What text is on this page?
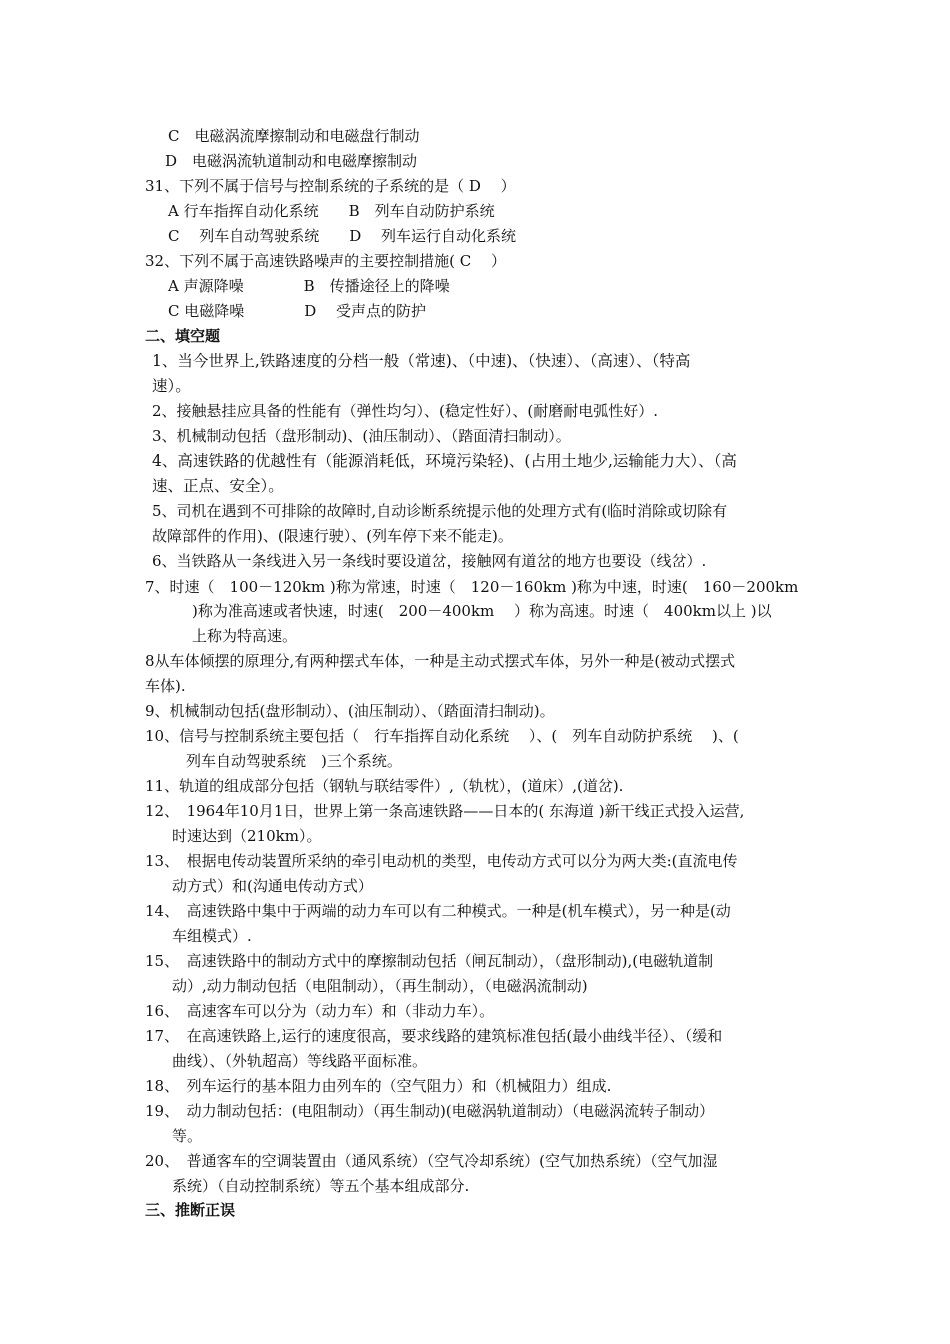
C　电磁涡流摩擦制动和电磁盘行制动
D　电磁涡流轨道制动和电磁摩擦制动
31、下列不属于信号与控制系统的子系统的是（ D　 ）
A 行车指挥自动化系统　　B　列车自动防护系统
C　 列车自动驾驶系统　　D　 列车运行自动化系统
32、下列不属于高速铁路噪声的主要控制措施( C　 ）
A 声源降噪　　　　B　传播途径上的降噪
C 电磁降噪　　　　D　 受声点的防护
二、填空题
1、当今世界上,铁路速度的分档一般（常速)、（中速)、（快速）、（高速）、（特高
速）。
2、接触悬挂应具备的性能有（弹性均匀）、(稳定性好）、(耐磨耐电弧性好）.
3、机械制动包括（盘形制动)、(油压制动）、（踏面清扫制动）。
4、高速铁路的优越性有（能源消耗低，环境污染轻)、(占用土地少,运输能力大）、（高
速、正点、安全）。
5、司机在遇到不可排除的故障时,自动诊断系统提示他的处理方式有(临时消除或切除有
故障部件的作用)、(限速行驶）、(列车停下来不能走)。
6、当铁路从一条线进入另一条线时要设道岔，接触网有道岔的地方也要设（线岔）.
7、时速（　100－120km )称为常速，时速（　120－160km )称为中速，时速(　160－200km
)称为准高速或者快速，时速(　200－400km　 ）称为高速。时速（　400km以上 )以
上称为特高速。
8从车体倾摆的原理分,有两种摆式车体，一种是主动式摆式车体，另外一种是(被动式摆式
车体).
9、机械制动包括(盘形制动）、(油压制动）、（踏面清扫制动)。
10、信号与控制系统主要包括（　行车指挥自动化系统　 ）、(　列车自动防护系统　 )、(
列车自动驾驶系统　)三个系统。
11、轨道的组成部分包括（钢轨与联结零件）,（轨枕），(道床）,(道岔).
12、　1964年10月1日，世界上第一条高速铁路——日本的( 东海道 )新干线正式投入运营,
时速达到（210km）。
13、　根据电传动装置所采纳的牵引电动机的类型，电传动方式可以分为两大类:(直流电传
动方式）和(沟通电传动方式）
14、　高速铁路中集中于两端的动力车可以有二种模式。一种是(机车模式），另一种是(动
车组模式）.
15、　高速铁路中的制动方式中的摩擦制动包括（闸瓦制动），（盘形制动),(电磁轨道制
动）,动力制动包括（电阻制动），（再生制动），（电磁涡流制动)
16、　高速客车可以分为（动力车）和（非动力车）。
17、　在高速铁路上,运行的速度很高，要求线路的建筑标准包括(最小曲线半径）、（缓和
曲线）、（外轨超高）等线路平面标准。
18、　列车运行的基本阻力由列车的（空气阻力）和（机械阻力）组成.
19、　动力制动包括：(电阻制动）（再生制动)(电磁涡轨道制动）（电磁涡流转子制动）
等。
20、　普通客车的空调装置由（通风系统）（空气冷却系统）(空气加热系统）（空气加湿
系统）（自动控制系统）等五个基本组成部分.
三、推断正误
